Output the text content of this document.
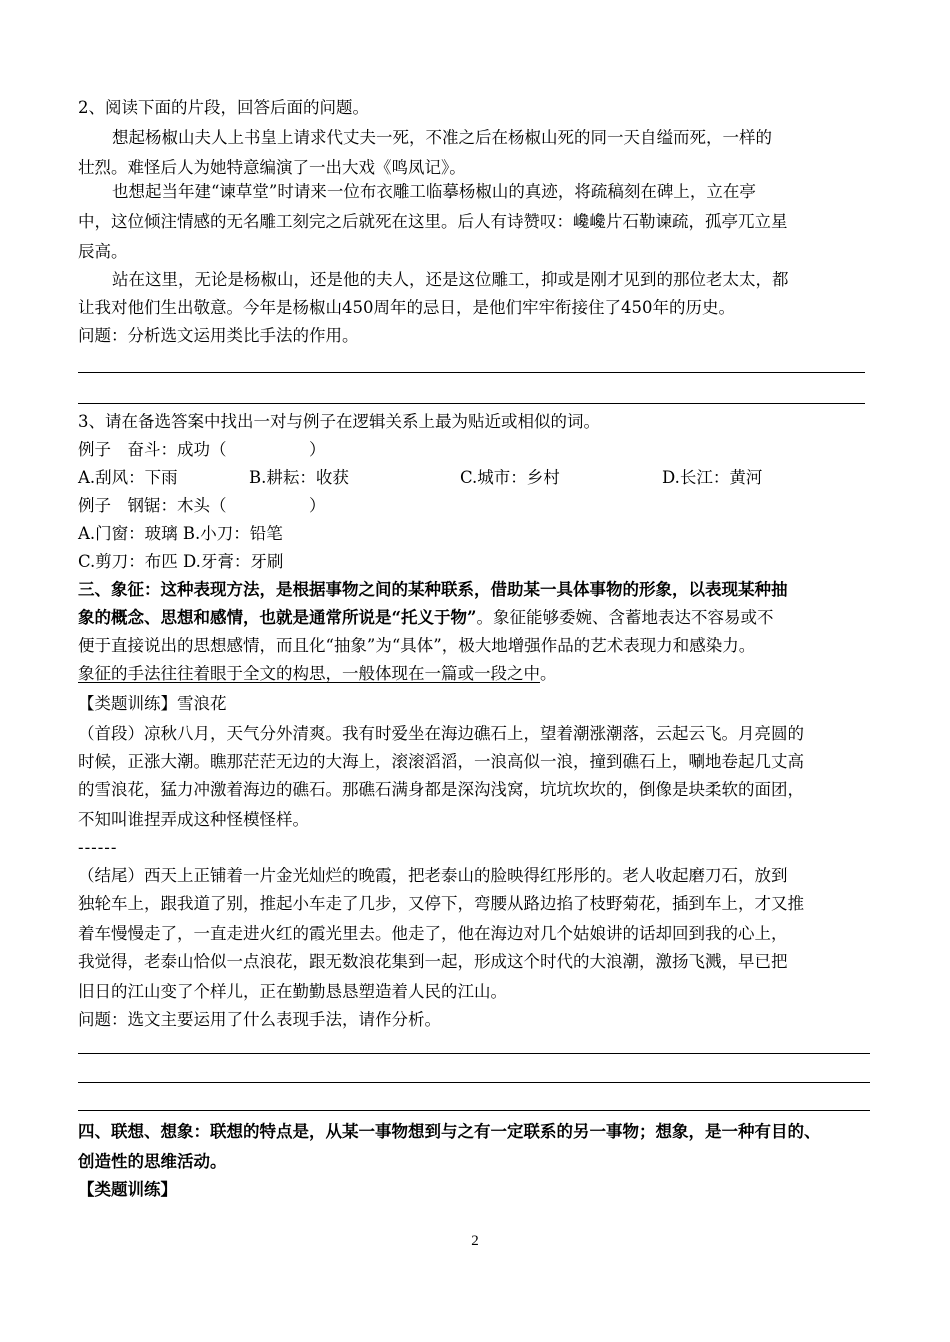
2、阅读下面的片段，回答后面的问题。
想起杨椒山夫人上书皇上请求代丈夫一死，不准之后在杨椒山死的同一天自缢而死，一样的
壮烈。难怪后人为她特意编演了一出大戏《鸣凤记》。
也想起当年建“谏草堂”时请来一位布衣雕工临摹杨椒山的真迹，将疏稿刻在碑上，立在亭
中，这位倾注情感的无名雕工刻完之后就死在这里。后人有诗赞叹：巉巉片石勒谏疏，孤亭兀立星
辰高。
站在这里，无论是杨椒山，还是他的夫人，还是这位雕工，抑或是刚才见到的那位老太太，都
让我对他们生出敬意。今年是杨椒山450周年的忌日，是他们牢牢衔接住了450年的历史。
问题：分析选文运用类比手法的作用。
3、请在备选答案中找出一对与例子在逻辑关系上最为贴近或相似的词。
例子　奋斗：成功（　　　　　）
A.刮风：下雨	B.耕耘：收获	C.城市：乡村	D.长江：黄河
例子　钢锯：木头（　　　　　）
A.门窗：玻璃 B.小刀：铅笔
C.剪刀：布匹 D.牙膏：牙刷
三、象征：这种表现方法，是根据事物之间的某种联系，借助某一具体事物的形象，以表现某种抽
象的概念、思想和感情，也就是通常所说是“托义于物”。象征能够委婉、含蓄地表达不容易或不
便于直接说出的思想感情，而且化“抽象”为“具体”，极大地增强作品的艺术表现力和感染力。
象征的手法往往着眼于全文的构思，一般体现在一篇或一段之中。
【类题训练】雪浪花
（首段）凉秋八月，天气分外清爽。我有时爱坐在海边礁石上，望着潮涨潮落，云起云飞。月亮圆的
时候，正涨大潮。瞧那茫茫无边的大海上，滚滚滔滔，一浪高似一浪，撞到礁石上，唰地卷起几丈高
的雪浪花，猛力冲激着海边的礁石。那礁石满身都是深沟浅窝，坑坑坎坎的，倒像是块柔软的面团，
不知叫谁捏弄成这种怪模怪样。
------
（结尾）西天上正铺着一片金光灿烂的晚霞，把老泰山的脸映得红彤彤的。老人收起磨刀石，放到
独轮车上，跟我道了别，推起小车走了几步，又停下，弯腰从路边掐了枝野菊花，插到车上，才又推
着车慢慢走了，一直走进火红的霞光里去。他走了，他在海边对几个姑娘讲的话却回到我的心上，
我觉得，老泰山恰似一点浪花，跟无数浪花集到一起，形成这个时代的大浪潮，激扬飞溅，早已把
旧日的江山变了个样儿，正在勤勤恳恳塑造着人民的江山。
问题：选文主要运用了什么表现手法，请作分析。
四、联想、想象：联想的特点是，从某一事物想到与之有一定联系的另一事物；想象，是一种有目的、
创造性的思维活动。
【类题训练】
2
